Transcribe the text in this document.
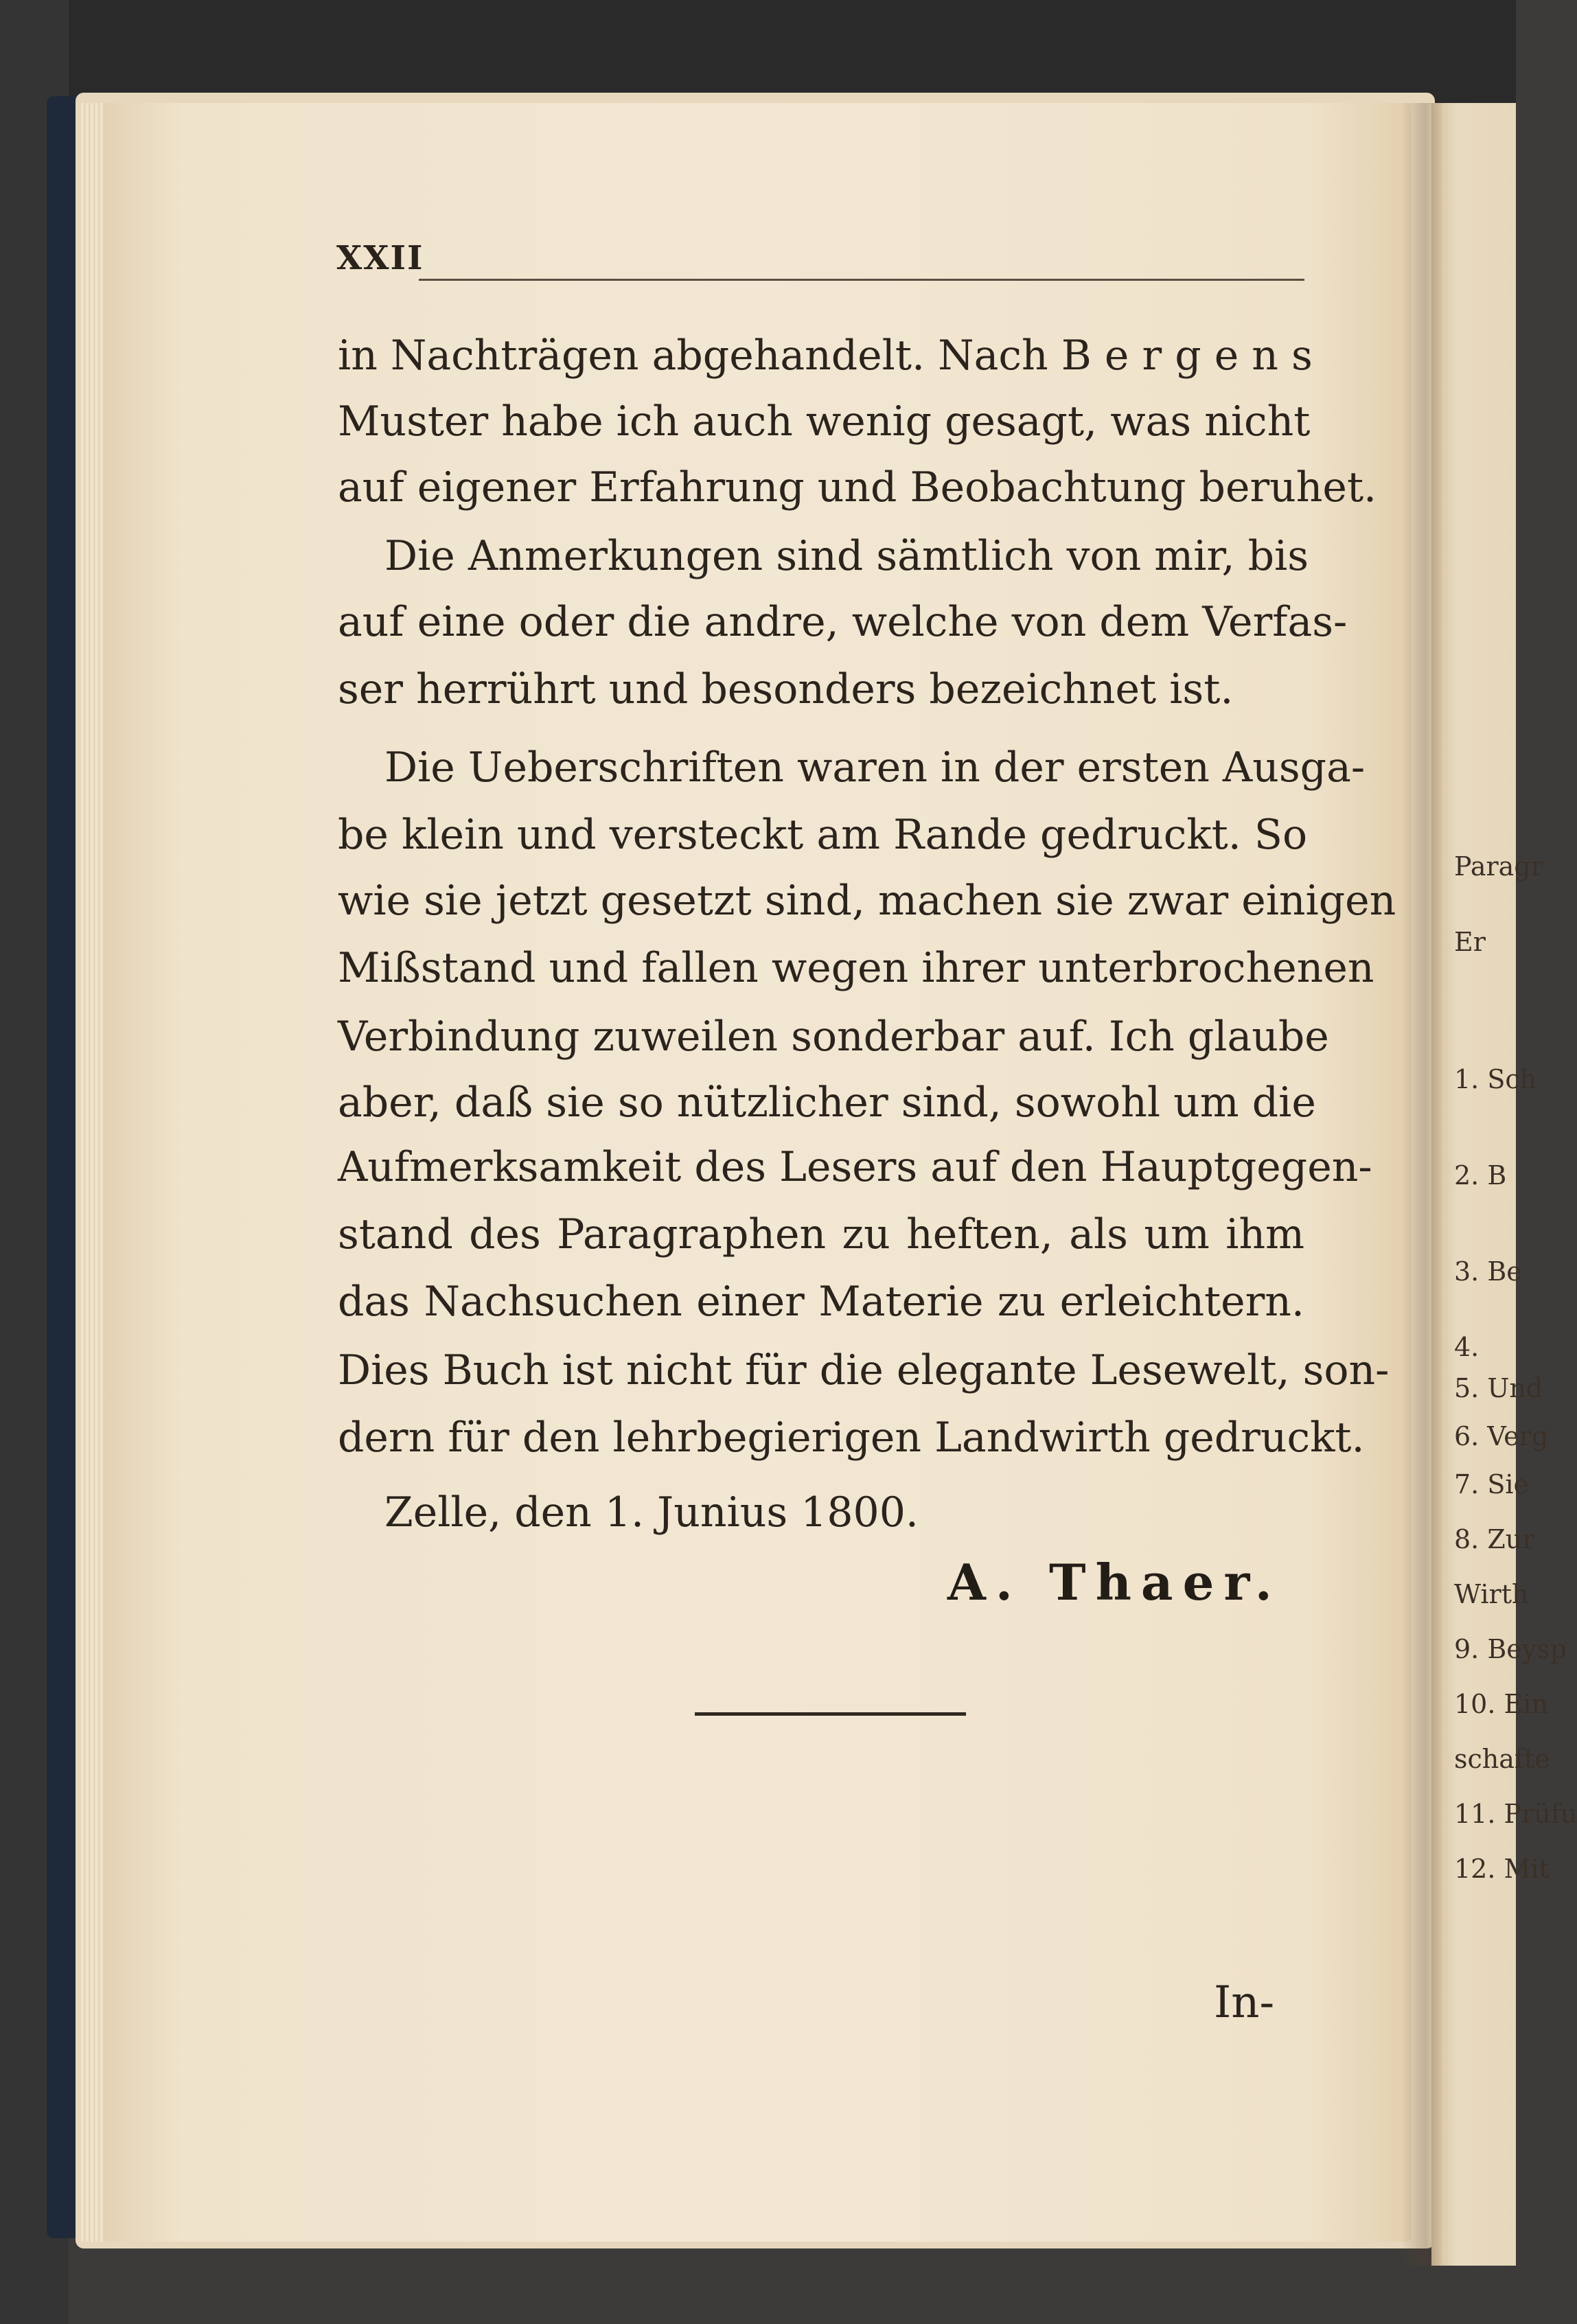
XXII
in Nachträgen abgehandelt. Nach B e r g e n s
Muster habe ich auch wenig gesagt, was nicht
auf eigener Erfahrung und Beobachtung beruhet.
Die Anmerkungen sind sämtlich von mir, bis
auf eine oder die andre, welche von dem Verfas-
ser herrührt und besonders bezeichnet ist.
Die Ueberschriften waren in der ersten Ausga-
be klein und versteckt am Rande gedruckt. So
wie sie jetzt gesetzt sind, machen sie zwar einigen
Mißstand und fallen wegen ihrer unterbrochenen
Verbindung zuweilen sonderbar auf. Ich glaube
aber, daß sie so nützlicher sind, sowohl um die
Aufmerksamkeit des Lesers auf den Hauptgegen-
stand des Paragraphen zu heften, als um ihm
das Nachsuchen einer Materie zu erleichtern.
Dies Buch ist nicht für die elegante Lesewelt, son-
dern für den lehrbegierigen Landwirth gedruckt.
Zelle, den 1. Junius 1800.
A. Thaer.
In-
Paragr
Er
1. Sch
2. B
3. Be
4.
5. Und
6. Verg
7. Sie
8. Zur
Wirth
9. Beysp
10. Ein
schafte
11. Prüfu
12. Mit
